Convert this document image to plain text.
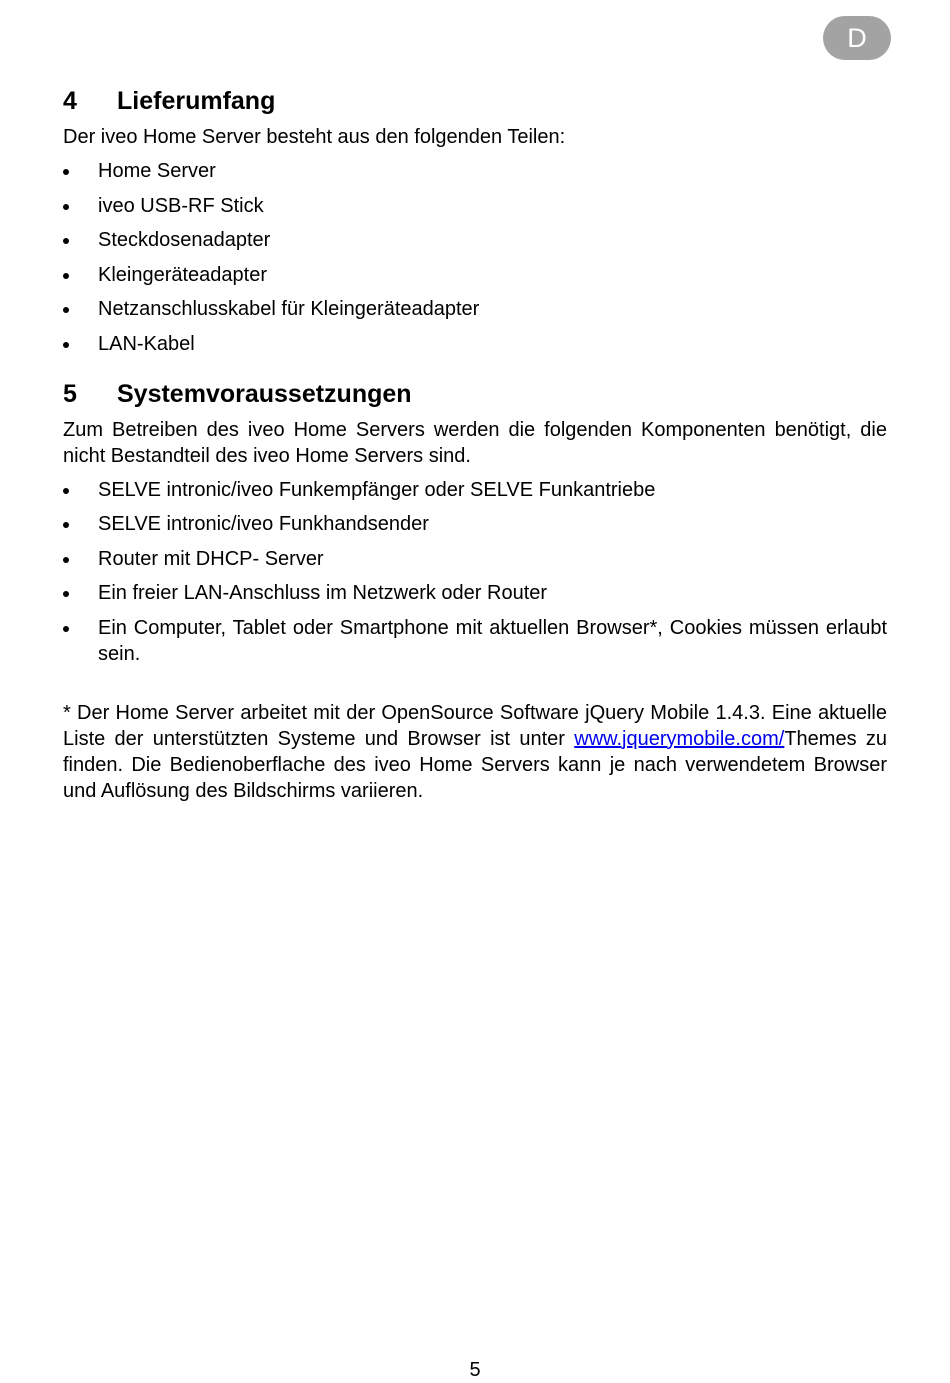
D
4	Lieferumfang

Der iveo Home Server besteht aus den folgenden Teilen:

Home Server
iveo USB-RF Stick
Steckdosenadapter
Kleingeräteadapter
Netzanschlusskabel für Kleingeräteadapter
LAN-Kabel
5	Systemvoraussetzungen

Zum Betreiben des iveo Home Servers werden die folgenden Komponenten benötigt, die nicht Bestandteil des iveo Home Servers sind.

SELVE intronic/iveo Funkempfänger oder SELVE Funkantriebe
SELVE intronic/iveo Funkhandsender
Router mit DHCP- Server
Ein freier LAN-Anschluss im Netzwerk oder Router
Ein Computer, Tablet oder Smartphone mit aktuellen Browser*, Cookies müssen erlaubt sein.

* Der Home Server arbeitet mit der OpenSource Software jQuery Mobile 1.4.3. Eine aktuelle Liste der unterstützten Systeme und Browser ist unter www.jquerymobile.com/Themes zu finden. Die Bedienoberflache des iveo Home Servers kann je nach verwendetem Browser und Auflösung des Bildschirms variieren.

5
